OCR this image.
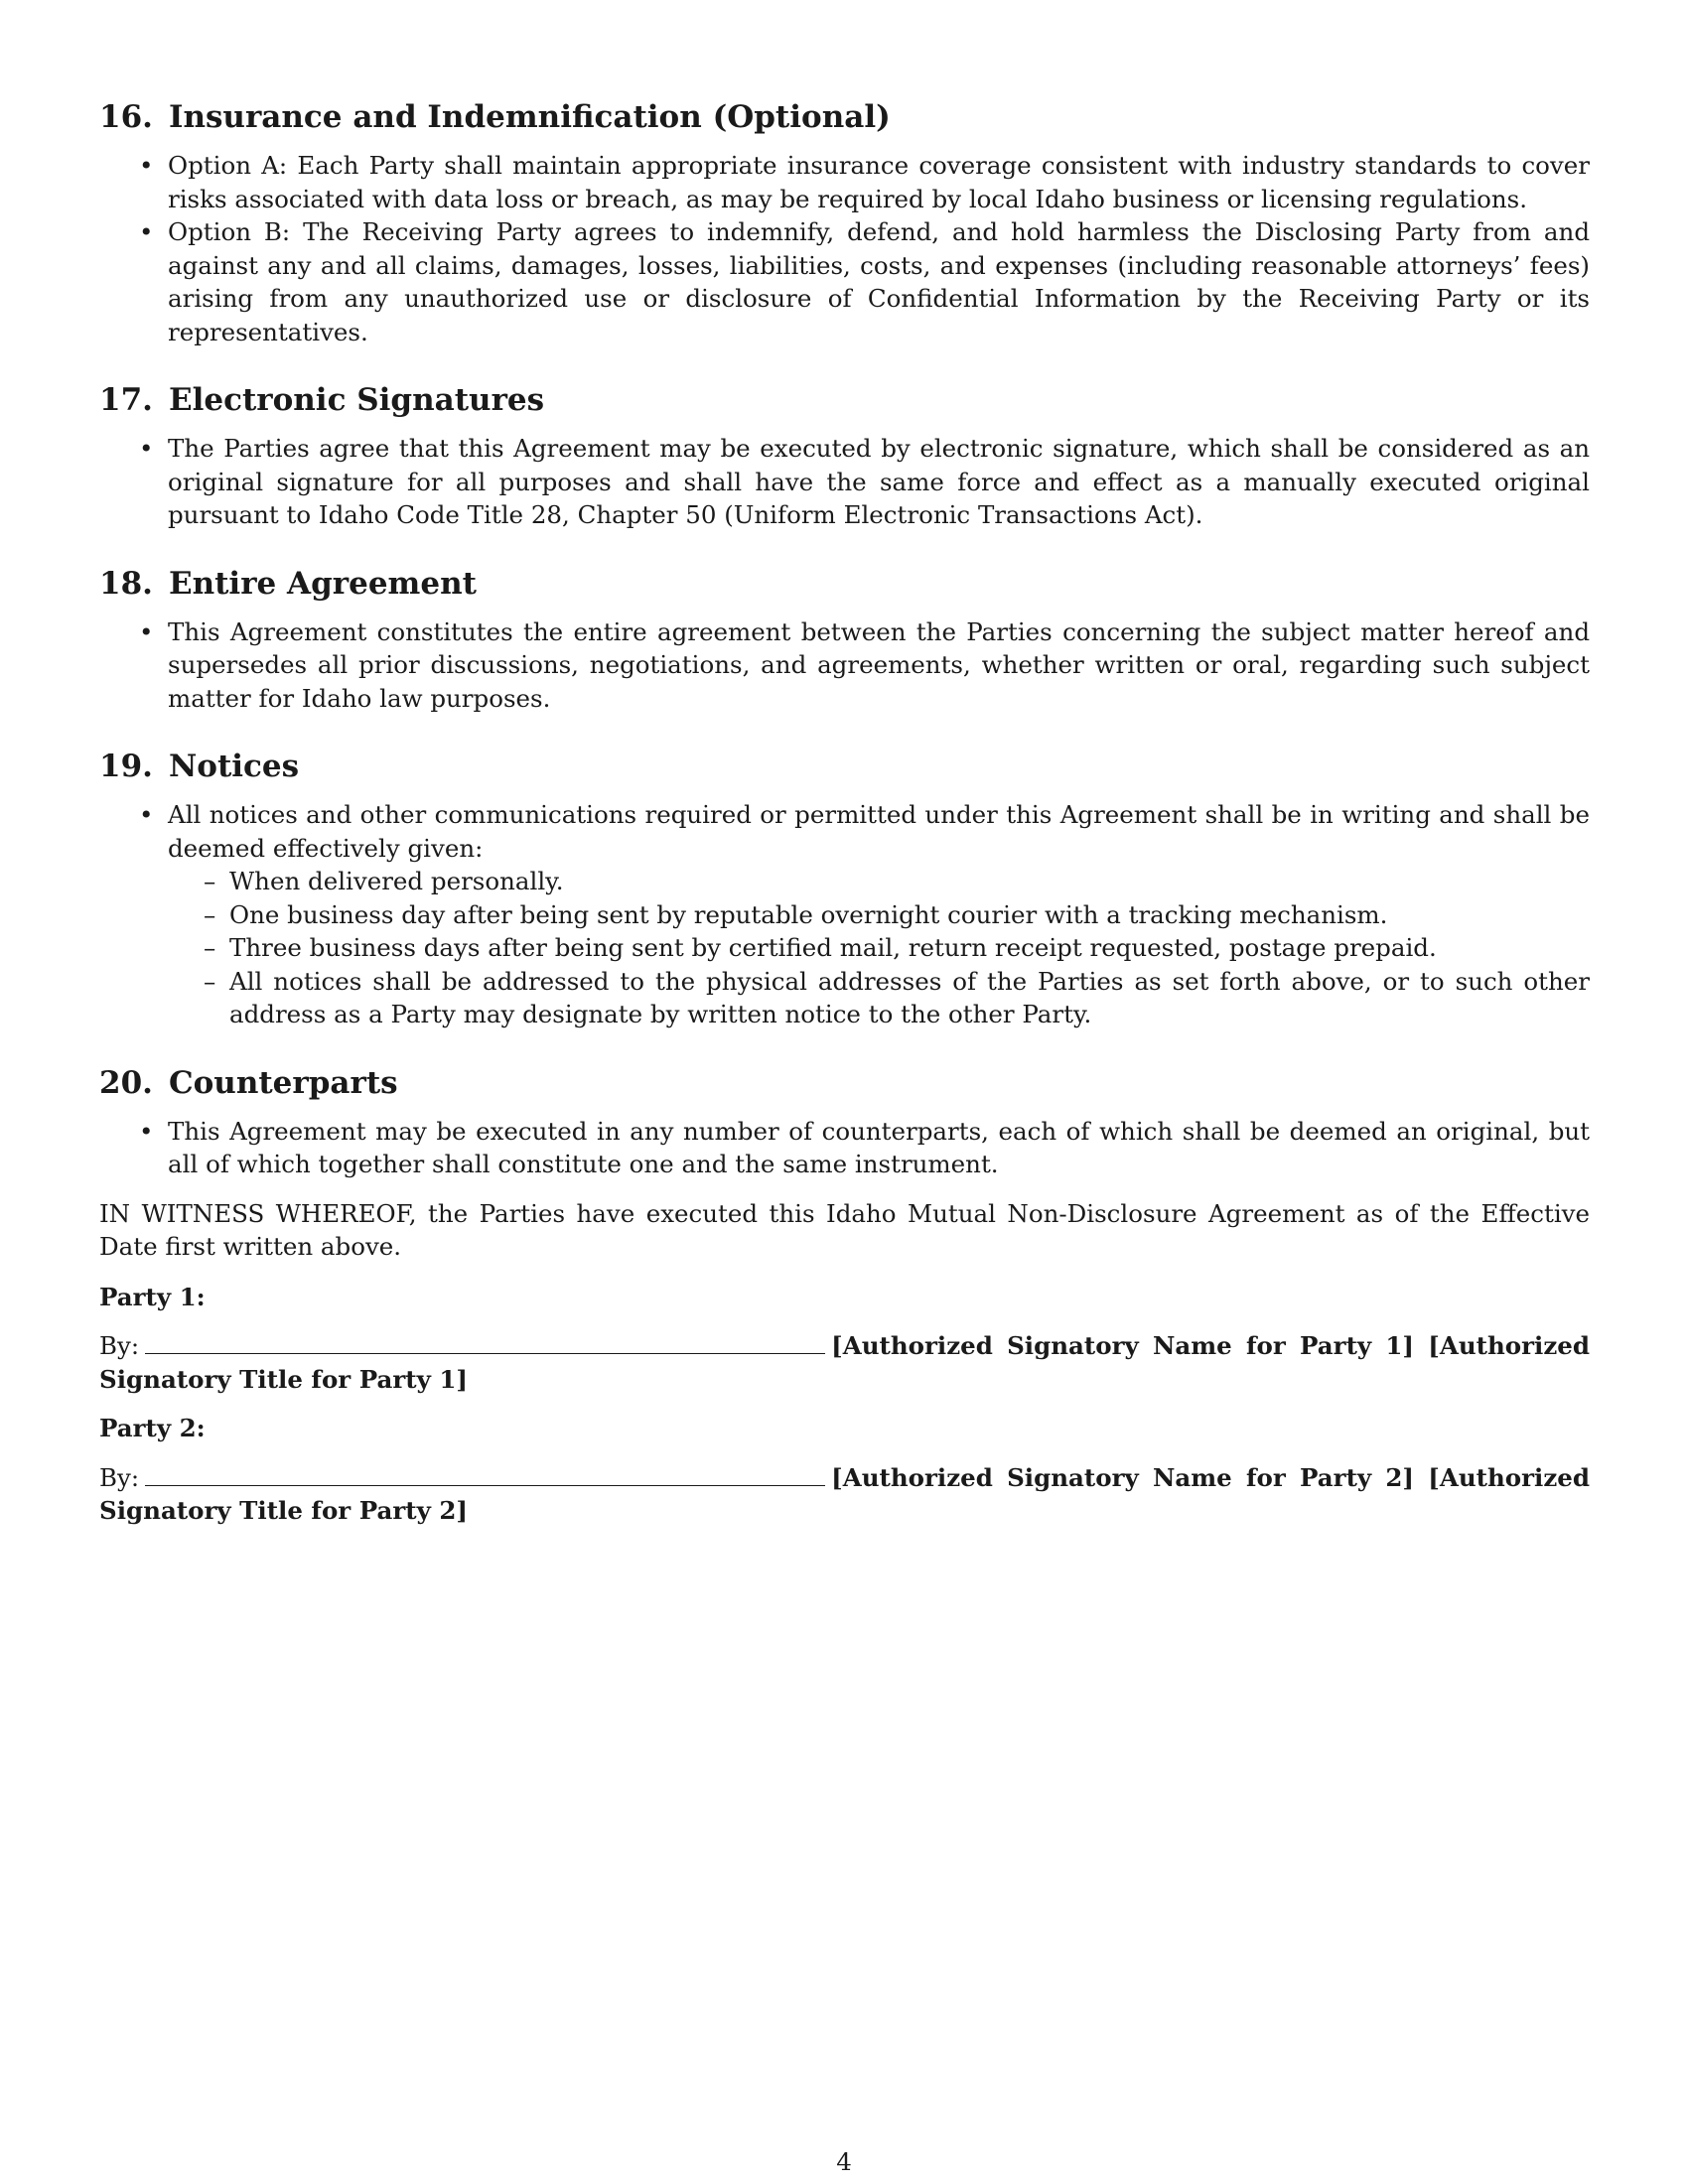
16. Insurance and Indemnification (Optional)
• Option A: Each Party shall maintain appropriate insurance coverage consistent with industry standards to cover risks associated with data loss or breach, as may be required by local Idaho business or licensing regulations.
• Option B: The Receiving Party agrees to indemnify, defend, and hold harmless the Disclosing Party from and against any and all claims, damages, losses, liabilities, costs, and expenses (including reasonable attorneys’ fees) arising from any unauthorized use or disclosure of Confidential Information by the Receiving Party or its representatives.
17. Electronic Signatures
• The Parties agree that this Agreement may be executed by electronic signature, which shall be considered as an original signature for all purposes and shall have the same force and effect as a manually executed original pursuant to Idaho Code Title 28, Chapter 50 (Uniform Electronic Transactions Act).
18. Entire Agreement
• This Agreement constitutes the entire agreement between the Parties concerning the subject matter hereof and supersedes all prior discussions, negotiations, and agreements, whether written or oral, regarding such subject matter for Idaho law purposes.
19. Notices
• All notices and other communications required or permitted under this Agreement shall be in writing and shall be deemed effectively given:
– When delivered personally.
– One business day after being sent by reputable overnight courier with a tracking mechanism.
– Three business days after being sent by certified mail, return receipt requested, postage prepaid.
– All notices shall be addressed to the physical addresses of the Parties as set forth above, or to such other address as a Party may designate by written notice to the other Party.
20. Counterparts
• This Agreement may be executed in any number of counterparts, each of which shall be deemed an original, but all of which together shall constitute one and the same instrument.

IN WITNESS WHEREOF, the Parties have executed this Idaho Mutual Non-Disclosure Agreement as of the Effective Date first written above.

Party 1:
By:	[Authorized Signatory Name for Party 1] [Authorized Signatory Title for Party 1]
Party 2:
By:	[Authorized Signatory Name for Party 2] [Authorized Signatory Title for Party 2]
4
